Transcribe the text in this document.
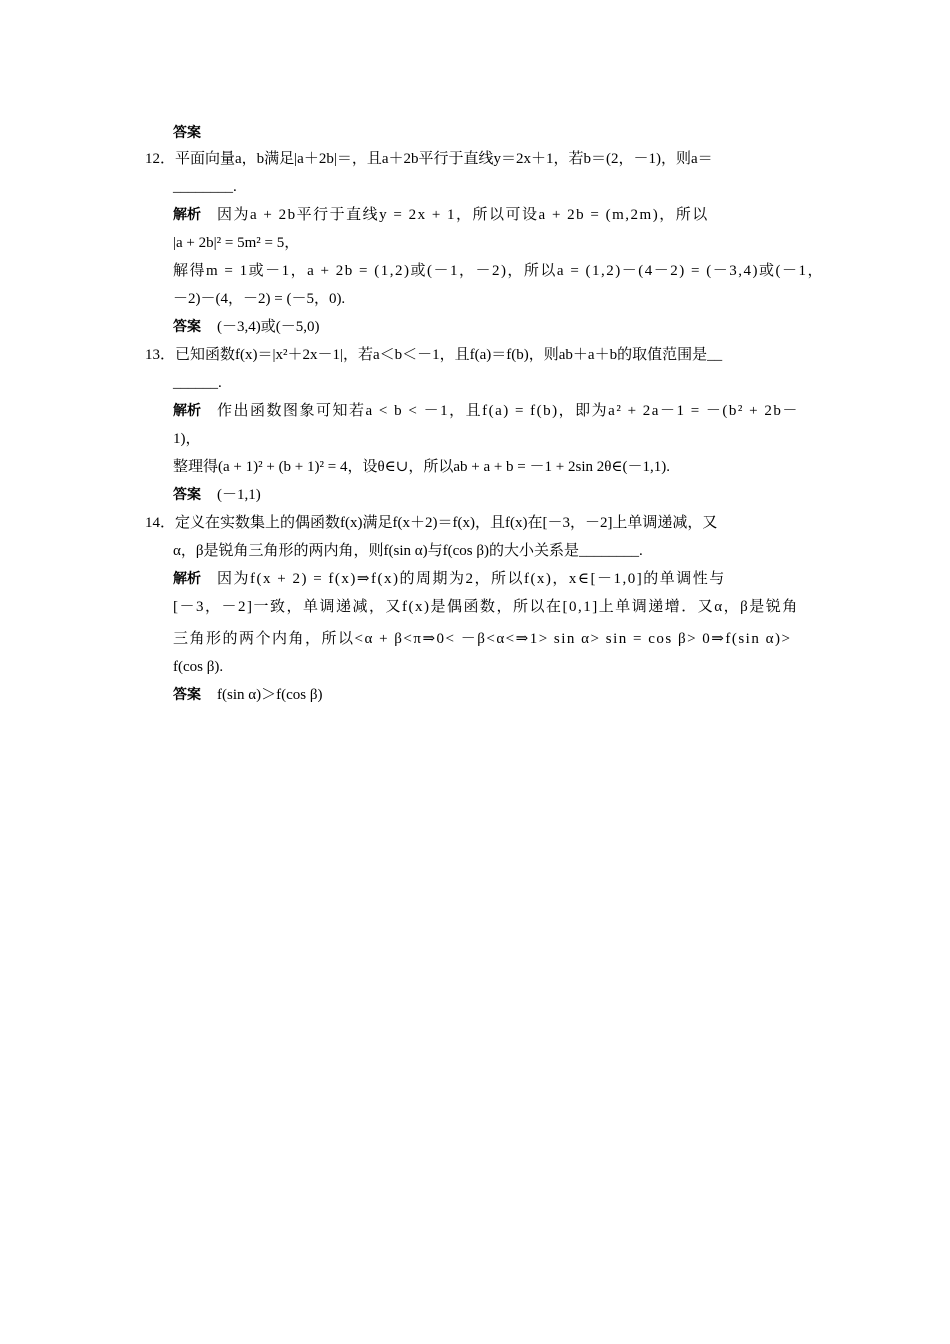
答案
12．平面向量a，b满足|a＋2b|＝，且a＋2b平行于直线y＝2x＋1，若b＝(2，－1)，则a＝
________.
解析 因为a + 2b平行于直线y = 2x + 1，所以可设a + 2b = (m,2m)，所以
|a + 2b|² = 5m² = 5，
解得m = 1或－1，a + 2b = (1,2)或(－1，－2)，所以a = (1,2)－(4－2) = (－3,4)或(－1，
－2)－(4，－2) = (－5，0).
答案 (－3,4)或(－5,0)
13．已知函数f(x)＝|x²＋2x－1|，若a＜b＜－1，且f(a)＝f(b)，则ab＋a＋b的取值范围是__
______.
解析 作出函数图象可知若a < b < －1，且f(a) = f(b)，即为a² + 2a－1 = －(b² + 2b－
1)，
整理得(a + 1)² + (b + 1)² = 4，设θ∈∪，所以ab + a + b = －1 + 2sin 2θ∈(－1,1).
答案 (－1,1)
14．定义在实数集上的偶函数f(x)满足f(x＋2)＝f(x)，且f(x)在[－3，－2]上单调递减，又
α，β是锐角三角形的两内角，则f(sin α)与f(cos β)的大小关系是________.
解析 因为f(x + 2) = f(x)⇒f(x)的周期为2，所以f(x)，x∈[－1,0]的单调性与
[－3，－2]一致，单调递减，又f(x)是偶函数，所以在[0,1]上单调递增．又α，β是锐角
三角形的两个内角，所以<α + β<π⇒0< －β<α<⇒1> sin α> sin = cos β> 0⇒f(sin α)>
f(cos β).
答案 f(sin α)＞f(cos β)
